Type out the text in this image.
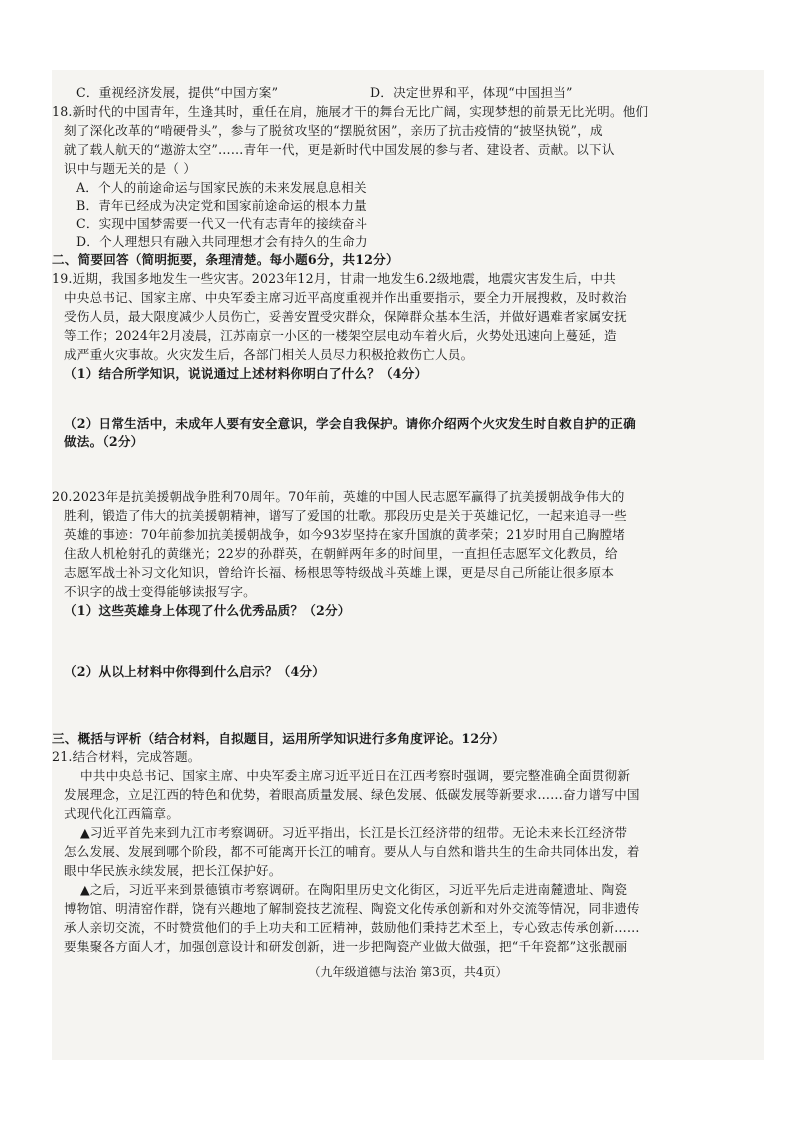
C．重视经济发展，提供“中国方案”	D．决定世界和平，体现“中国担当”
18.新时代的中国青年，生逢其时，重任在肩，施展才干的舞台无比广阔，实现梦想的前景无比光明。他们
刻了深化改革的“啃硬骨头”，参与了脱贫攻坚的“摆脱贫困”，亲历了抗击疫情的“披坚执锐”，成
就了载人航天的“遨游太空”……青年一代，更是新时代中国发展的参与者、建设者、贡献。以下认
识中与题无关的是（ ）
A．个人的前途命运与国家民族的未来发展息息相关
B．青年已经成为决定党和国家前途命运的根本力量
C．实现中国梦需要一代又一代有志青年的接续奋斗
D．个人理想只有融入共同理想才会有持久的生命力
二、简要回答（简明扼要，条理清楚。每小题6分，共12分）
19.近期，我国多地发生一些灾害。2023年12月，甘肃一地发生6.2级地震，地震灾害发生后，中共
中央总书记、国家主席、中央军委主席习近平高度重视并作出重要指示，要全力开展搜救，及时救治
受伤人员，最大限度减少人员伤亡，妥善安置受灾群众，保障群众基本生活，并做好遇难者家属安抚
等工作；2024年2月凌晨，江苏南京一小区的一楼架空层电动车着火后，火势处迅速向上蔓延，造
成严重火灾事故。火灾发生后，各部门相关人员尽力积极抢救伤亡人员。
（1）结合所学知识，说说通过上述材料你明白了什么？（4分）
（2）日常生活中，未成年人要有安全意识，学会自我保护。请你介绍两个火灾发生时自救自护的正确
做法。（2分）
20.2023年是抗美援朝战争胜利70周年。70年前，英雄的中国人民志愿军赢得了抗美援朝战争伟大的
胜利，锻造了伟大的抗美援朝精神，谱写了爱国的壮歌。那段历史是关于英雄记忆，一起来追寻一些
英雄的事迹：70年前参加抗美援朝战争，如今93岁坚持在家升国旗的黄孝荣；21岁时用自己胸膛堵
住敌人机枪射孔的黄继光；22岁的孙群英，在朝鲜两年多的时间里，一直担任志愿军文化教员，给
志愿军战士补习文化知识，曾给许长福、杨根思等特级战斗英雄上课，更是尽自己所能让很多原本
不识字的战士变得能够读报写字。
（1）这些英雄身上体现了什么优秀品质？（2分）
（2）从以上材料中你得到什么启示？（4分）
三、概括与评析（结合材料，自拟题目，运用所学知识进行多角度评论。12分）
21.结合材料，完成答题。
中共中央总书记、国家主席、中央军委主席习近平近日在江西考察时强调，要完整准确全面贯彻新
发展理念，立足江西的特色和优势，着眼高质量发展、绿色发展、低碳发展等新要求……奋力谱写中国
式现代化江西篇章。
▲习近平首先来到九江市考察调研。习近平指出，长江是长江经济带的纽带。无论未来长江经济带
怎么发展、发展到哪个阶段，都不可能离开长江的哺育。要从人与自然和谐共生的生命共同体出发，着
眼中华民族永续发展，把长江保护好。
▲之后，习近平来到景德镇市考察调研。在陶阳里历史文化街区，习近平先后走进南麓遗址、陶瓷
博物馆、明清窑作群，饶有兴趣地了解制瓷技艺流程、陶瓷文化传承创新和对外交流等情况，同非遗传
承人亲切交流，不时赞赏他们的手上功夫和工匠精神，鼓励他们秉持艺术至上，专心致志传承创新……
要集聚各方面人才，加强创意设计和研发创新，进一步把陶瓷产业做大做强，把“千年瓷都”这张靓丽
（九年级道德与法治 第3页，共4页）
